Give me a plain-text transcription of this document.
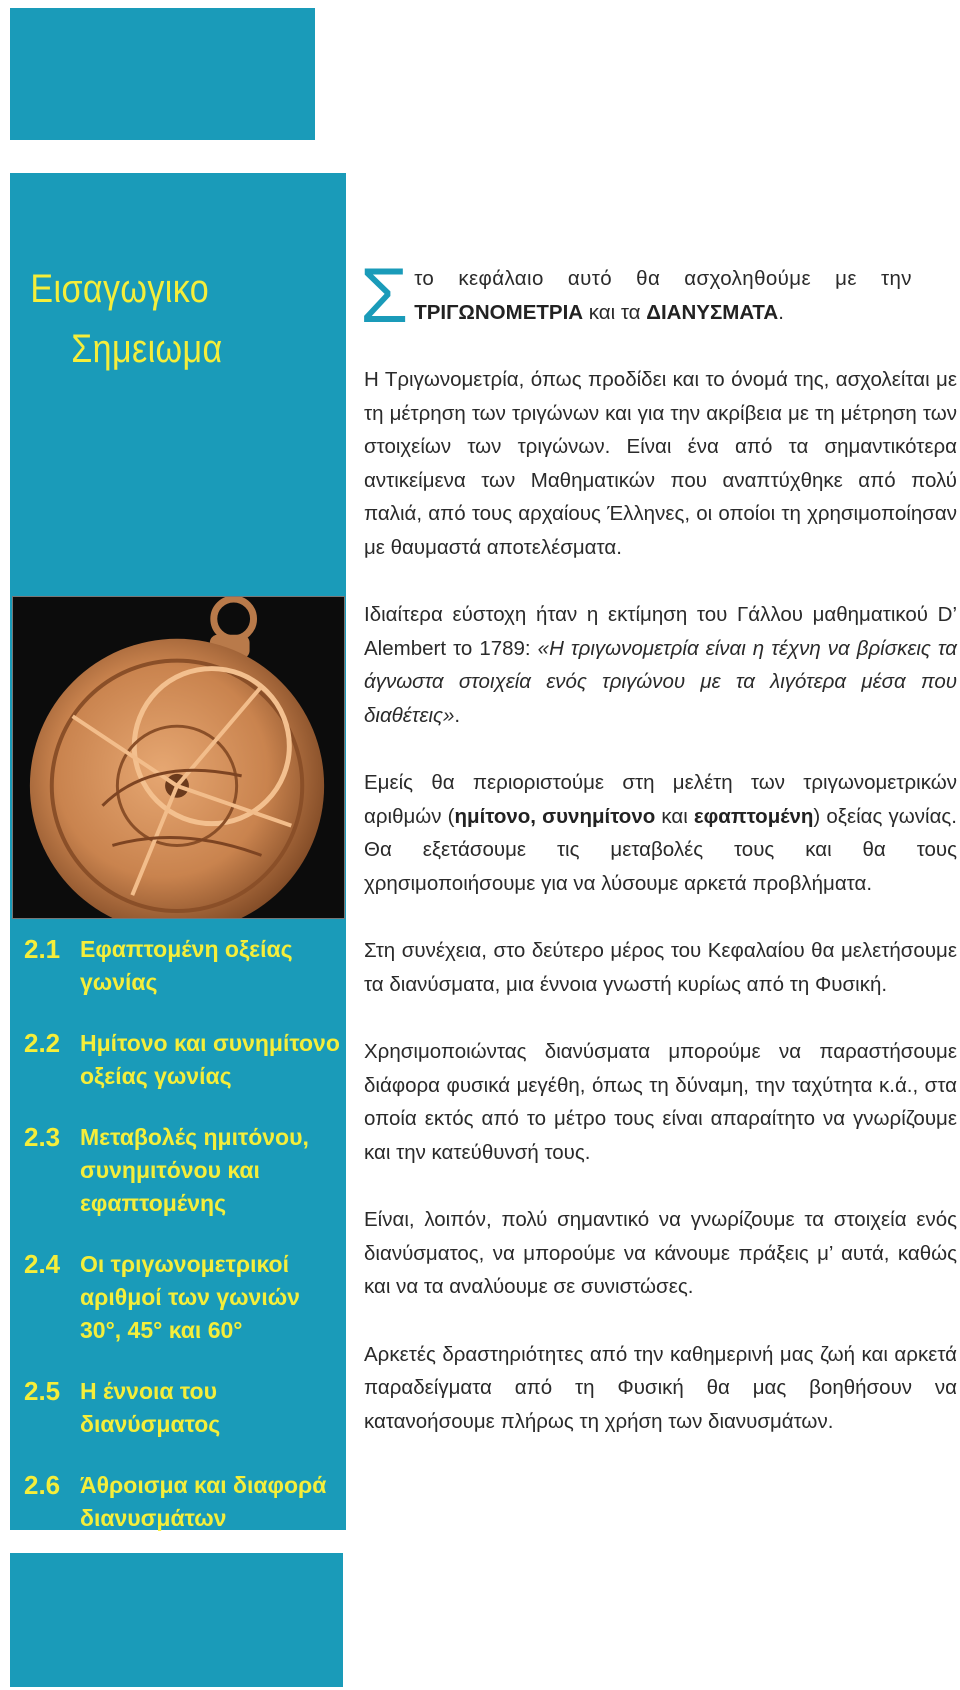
Εισαγωγικο
Σημειωμα
2.1 Εφαπτομένη οξείας
γωνίας
2.2 Ημίτονο και συνημίτονο
οξείας γωνίας
2.3 Μεταβολές ημιτόνου,
συνημιτόνου και
εφαπτομένης
2.4 Οι τριγωνομετρικοί
αριθμοί των γωνιών
30°, 45° και 60°
2.5 Η έννοια του
διανύσματος
2.6 Άθροισμα και διαφορά
διανυσμάτων

Σ το κεφάλαιο αυτό θα ασχοληθούμε με την
ΤΡΙΓΩΝΟΜΕΤΡΙΑ και τα ΔΙΑΝΥΣΜΑΤΑ.

Η Τριγωνομετρία, όπως προδίδει και το όνομά της, ασχολείται με τη μέτρηση των τριγώνων και για την ακρίβεια με τη μέτρηση των στοιχείων των τριγώνων. Είναι ένα από τα σημαντικότερα αντικείμενα των Μαθηματικών που αναπτύχθηκε από πολύ παλιά, από τους αρχαίους Έλληνες, οι οποίοι τη χρησιμοποίησαν με θαυμαστά αποτελέσματα.

Ιδιαίτερα εύστοχη ήταν η εκτίμηση του Γάλλου μαθηματικού D’ Alembert το 1789: «Η τριγωνομετρία είναι η τέχνη να βρίσκεις τα άγνωστα στοιχεία ενός τριγώνου με τα λιγότερα μέσα που διαθέτεις».

Εμείς θα περιοριστούμε στη μελέτη των τριγωνομετρικών αριθμών (ημίτονο, συνημίτονο και εφαπτομένη) οξείας γωνίας. Θα εξετάσουμε τις μεταβολές τους και θα τους χρησιμοποιήσουμε για να λύσουμε αρκετά προβλήματα.

Στη συνέχεια, στο δεύτερο μέρος του Κεφαλαίου θα μελετήσουμε τα διανύσματα, μια έννοια γνωστή κυρίως από τη Φυσική.

Χρησιμοποιώντας διανύσματα μπορούμε να παραστήσουμε διάφορα φυσικά μεγέθη, όπως τη δύναμη, την ταχύτητα κ.ά., στα οποία εκτός από το μέτρο τους είναι απαραίτητο να γνωρίζουμε και την κατεύθυνσή τους.

Είναι, λοιπόν, πολύ σημαντικό να γνωρίζουμε τα στοιχεία ενός διανύσματος, να μπορούμε να κάνουμε πράξεις μ’ αυτά, καθώς και να τα αναλύουμε σε συνιστώσες.

Αρκετές δραστηριότητες από την καθημερινή μας ζωή και αρκετά παραδείγματα από τη Φυσική θα μας βοηθήσουν να κατανοήσουμε πλήρως τη χρήση των διανυσμάτων.
